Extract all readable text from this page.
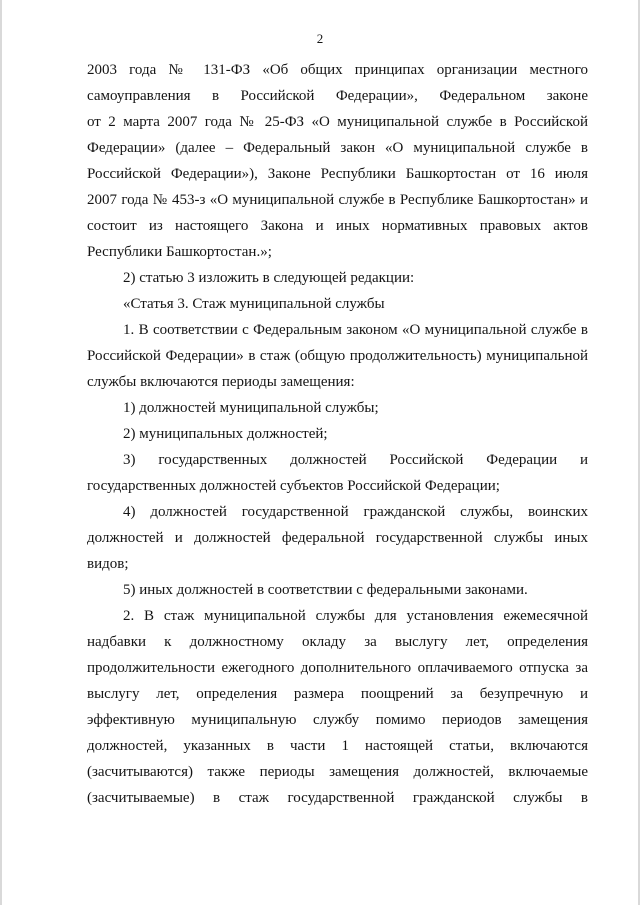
2
2003 года № 131-ФЗ «Об общих принципах организации местного
самоуправления в Российской Федерации», Федеральном законе
от 2 марта 2007 года № 25-ФЗ «О муниципальной службе в Российской
Федерации» (далее – Федеральный закон «О муниципальной службе в
Российской Федерации»), Законе Республики Башкортостан от 16 июля
2007 года № 453-з «О муниципальной службе в Республике Башкортостан» и
состоит из настоящего Закона и иных нормативных правовых актов
Республики Башкортостан.»;
2) статью 3 изложить в следующей редакции:
«Статья 3. Стаж муниципальной службы
1. В соответствии с Федеральным законом «О муниципальной службе в
Российской Федерации» в стаж (общую продолжительность) муниципальной
службы включаются периоды замещения:
1) должностей муниципальной службы;
2) муниципальных должностей;
3) государственных должностей Российской Федерации и
государственных должностей субъектов Российской Федерации;
4) должностей государственной гражданской службы, воинских
должностей и должностей федеральной государственной службы иных
видов;
5) иных должностей в соответствии с федеральными законами.
2. В стаж муниципальной службы для установления ежемесячной
надбавки к должностному окладу за выслугу лет, определения
продолжительности ежегодного дополнительного оплачиваемого отпуска за
выслугу лет, определения размера поощрений за безупречную и
эффективную муниципальную службу помимо периодов замещения
должностей, указанных в части 1 настоящей статьи, включаются
(засчитываются) также периоды замещения должностей, включаемые
(засчитываемые) в стаж государственной гражданской службы в
